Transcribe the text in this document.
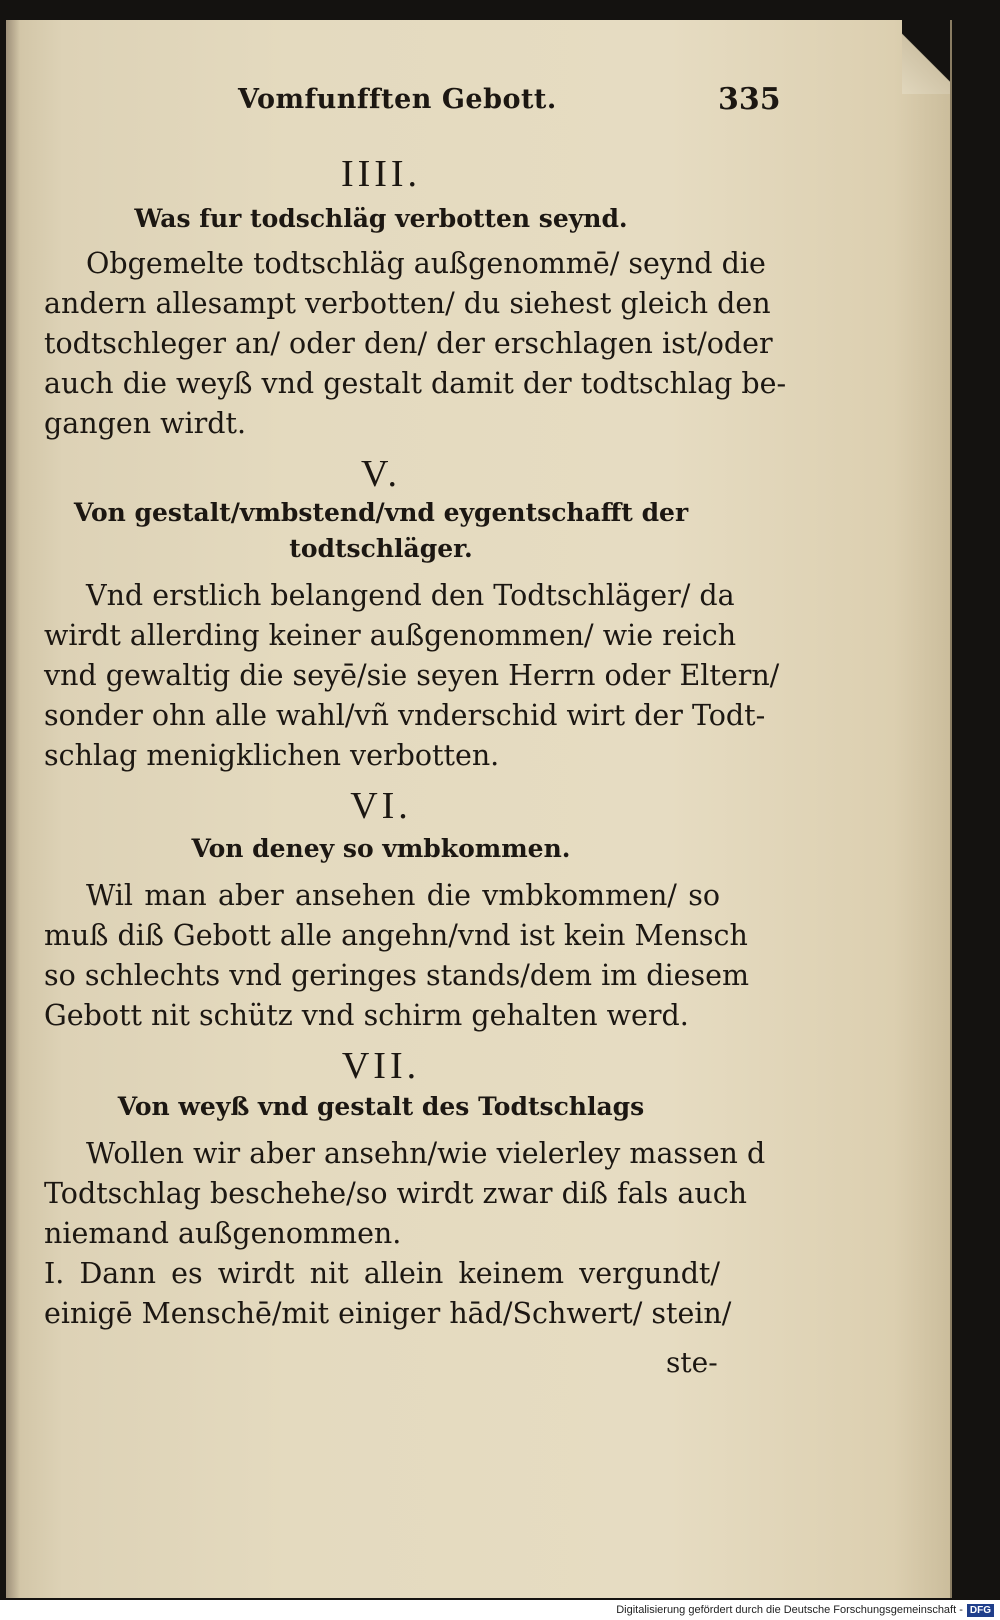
Vomfunfften Gebott.	335
IIII.
Was fur todschläg verbotten seynd.
Obgemelte todtschläg außgenommē/ seynd die
andern allesampt verbotten/ du siehest gleich den
todtschleger an/ oder den/ der erschlagen ist/oder
auch die weyß vnd gestalt damit der todtschlag be-
gangen wirdt.
V.
Von gestalt/vmbstend/vnd eygentschafft der
todtschläger.
Vnd erstlich belangend den Todtschläger/ da
wirdt allerding keiner außgenommen/ wie reich
vnd gewaltig die seyē/sie seyen Herrn oder Eltern/
sonder ohn alle wahl/vñ vnderschid wirt der Todt-
schlag menigklichen verbotten.
VI.
Von deney so vmbkommen.
Wil man aber ansehen die vmbkommen/ so
muß diß Gebott alle angehn/vnd ist kein Mensch
so schlechts vnd geringes stands/dem im diesem
Gebott nit schütz vnd schirm gehalten werd.
VII.
Von weyß vnd gestalt des Todtschlags
Wollen wir aber ansehn/wie vielerley massen d
Todtschlag beschehe/so wirdt zwar diß fals auch
niemand außgenommen.
I. Dann es wirdt nit allein keinem vergundt/
einigē Menschē/mit einiger hād/Schwert/ stein/
ste-
Digitalisierung gefördert durch die Deutsche Forschungsgemeinschaft - DFG
